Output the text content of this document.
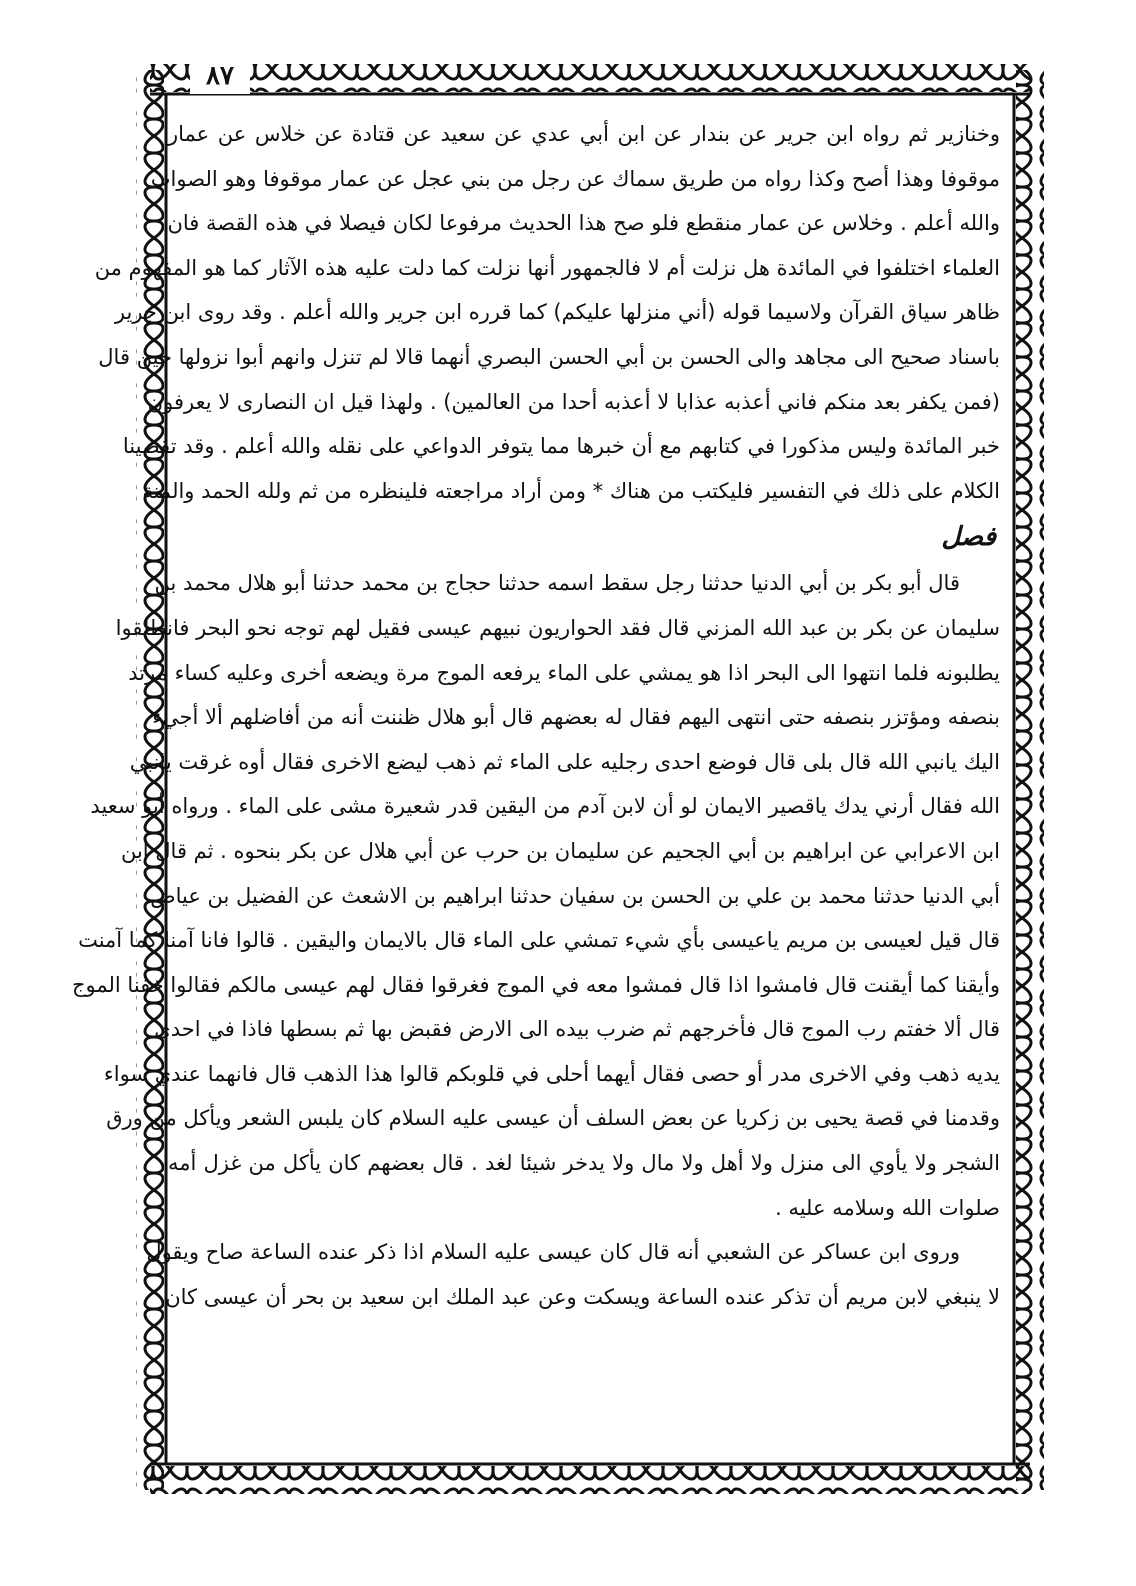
٨٧
وخنازير ثم رواه ابن جرير عن بندار عن ابن أبي عدي عن سعيد عن قتادة عن خلاس عن عمار
موقوفا وهذا أصح وكذا رواه من طريق سماك عن رجل من بني عجل عن عمار موقوفا وهو الصواب
والله أعلم . وخلاس عن عمار منقطع فلو صح هذا الحديث مرفوعا لكان فيصلا في هذه القصة فان
العلماء اختلفوا في المائدة هل نزلت أم لا فالجمهور أنها نزلت كما دلت عليه هذه الآثار كما هو المفهوم من
ظاهر سياق القرآن ولاسيما قوله (أني منزلها عليكم) كما قرره ابن جرير والله أعلم . وقد روى ابن جرير
باسناد صحيح الى مجاهد والى الحسن بن أبي الحسن البصري أنهما قالا لم تنزل وانهم أبوا نزولها حين قال
(فمن يكفر بعد منكم فاني أعذبه عذابا لا أعذبه أحدا من العالمين) . ولهذا قيل ان النصارى لا يعرفون
خبر المائدة وليس مذكورا في كتابهم مع أن خبرها مما يتوفر الدواعي على نقله والله أعلم . وقد تقصينا
الكلام على ذلك في التفسير فليكتب من هناك * ومن أراد مراجعته فلينظره من ثم ولله الحمد والمنة
فصل
قال أبو بكر بن أبي الدنيا حدثنا رجل سقط اسمه حدثنا حجاج بن محمد حدثنا أبو هلال محمد بن
سليمان عن بكر بن عبد الله المزني قال فقد الحواريون نبيهم عيسى فقيل لهم توجه نحو البحر فانطلقوا
يطلبونه فلما انتهوا الى البحر اذا هو يمشي على الماء يرفعه الموج مرة ويضعه أخرى وعليه كساء مرتد
بنصفه ومؤتزر بنصفه حتى انتهى اليهم فقال له بعضهم قال أبو هلال ظننت أنه من أفاضلهم ألا أجيء
اليك يانبي الله قال بلى قال فوضع احدى رجليه على الماء ثم ذهب ليضع الاخرى فقال أوه غرقت يانبي
الله فقال أرني يدك ياقصير الايمان لو أن لابن آدم من اليقين قدر شعيرة مشى على الماء . ورواه أبو سعيد
ابن الاعرابي عن ابراهيم بن أبي الجحيم عن سليمان بن حرب عن أبي هلال عن بكر بنحوه . ثم قال ابن
أبي الدنيا حدثنا محمد بن علي بن الحسن بن سفيان حدثنا ابراهيم بن الاشعث عن الفضيل بن عياض
قال قيل لعيسى بن مريم ياعيسى بأي شيء تمشي على الماء قال بالايمان واليقين . قالوا فانا آمنا كما آمنت
وأيقنا كما أيقنت قال فامشوا اذا قال فمشوا معه في الموج فغرقوا فقال لهم عيسى مالكم فقالوا خفنا الموج
قال ألا خفتم رب الموج قال فأخرجهم ثم ضرب بيده الى الارض فقبض بها ثم بسطها فاذا في احدى
يديه ذهب وفي الاخرى مدر أو حصى فقال أيهما أحلى في قلوبكم قالوا هذا الذهب قال فانهما عندي سواء
وقدمنا في قصة يحيى بن زكريا عن بعض السلف أن عيسى عليه السلام كان يلبس الشعر ويأكل من ورق
الشجر ولا يأوي الى منزل ولا أهل ولا مال ولا يدخر شيئا لغد . قال بعضهم كان يأكل من غزل أمه
صلوات الله وسلامه عليه .
وروى ابن عساكر عن الشعبي أنه قال كان عيسى عليه السلام اذا ذكر عنده الساعة صاح ويقول
لا ينبغي لابن مريم أن تذكر عنده الساعة ويسكت وعن عبد الملك ابن سعيد بن بحر أن عيسى كان
